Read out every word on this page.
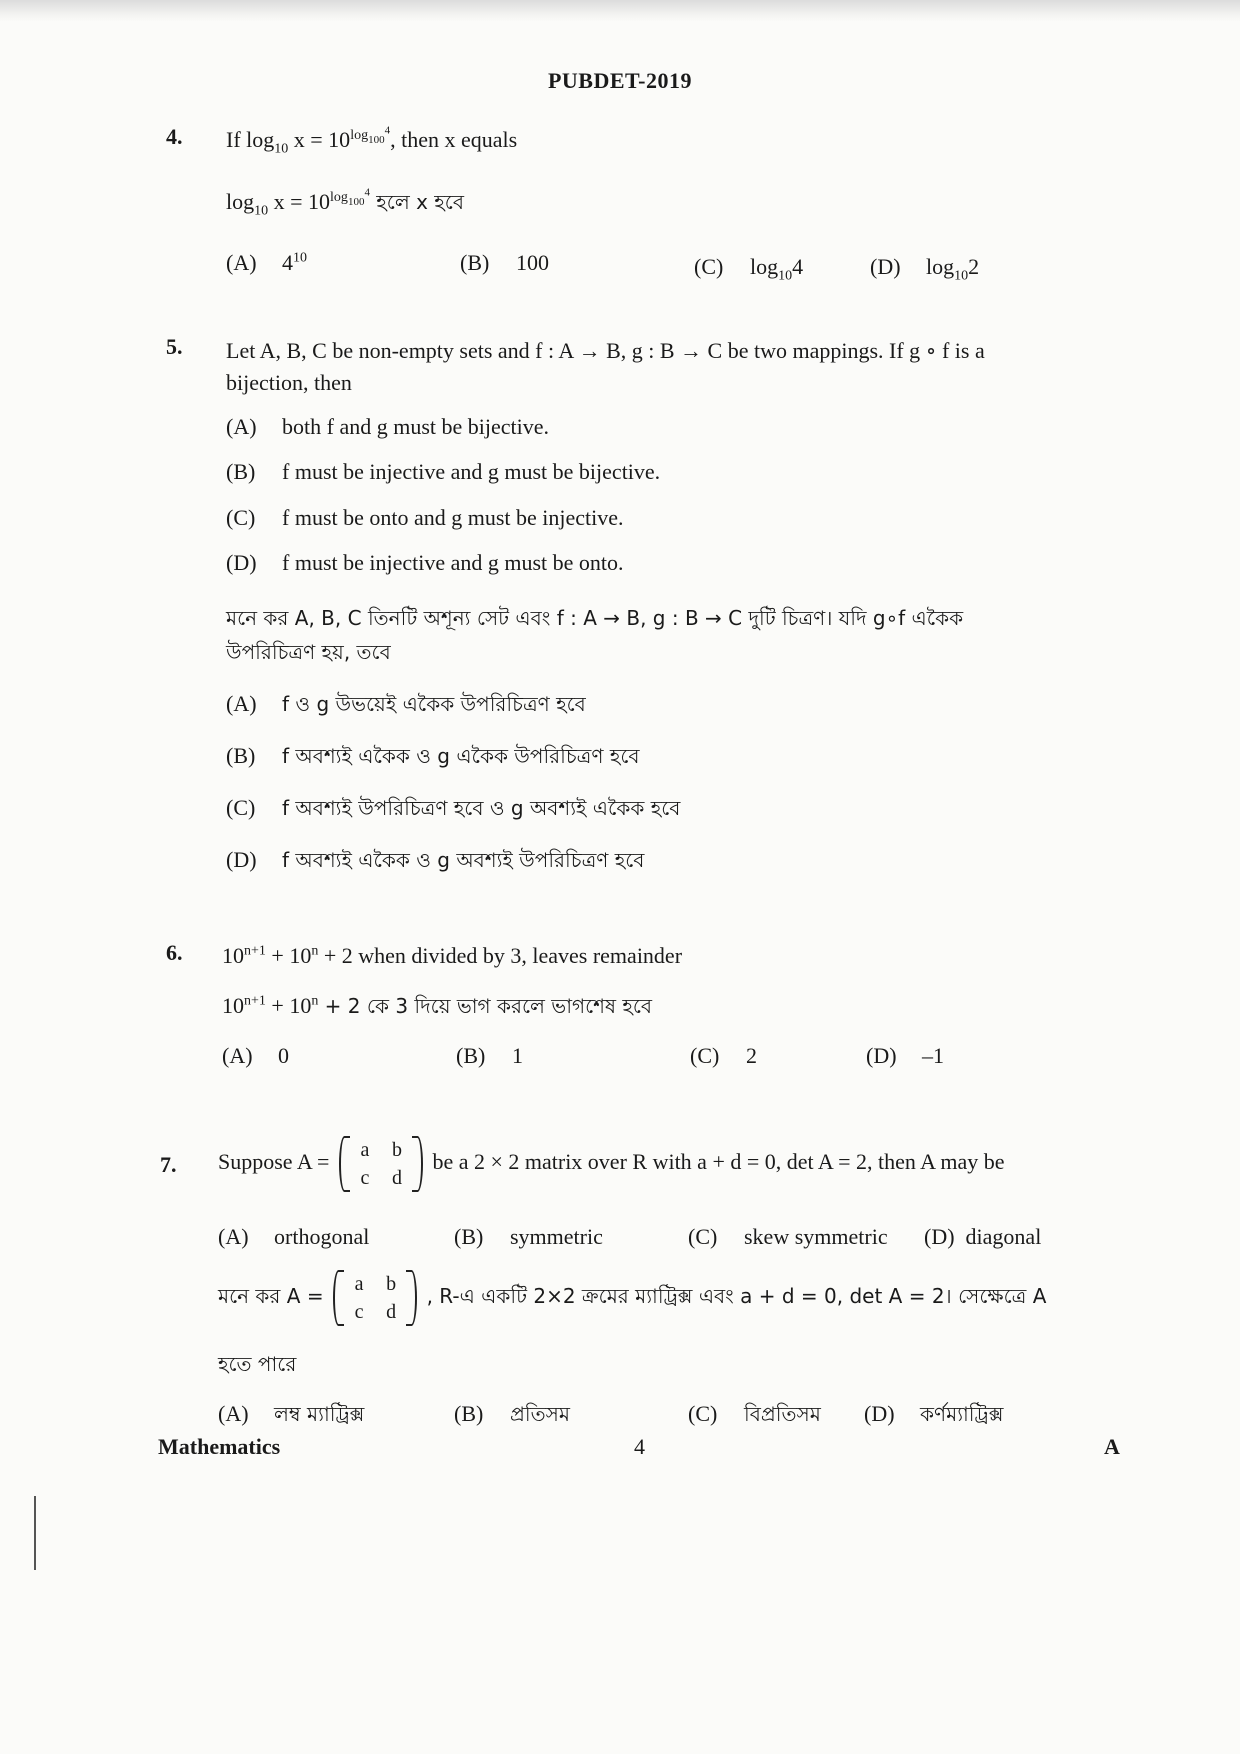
PUBDET-2019
4. If $\log_{10} x = 10^{log_{100}^4}$, then x equals
$\log_{10} x = 10^{log_{100}^4}$ হলে x হবে
(A) $4^{10}$	(B) 100	(C) $\log_{10}4$	(D) $\log_{10}2$
5. Let A, B, C be non-empty sets and f : A → B, g : B → C be two mappings. If g ∘ f is a
bijection, then
(A) both f and g must be bijective.
(B) f must be injective and g must be bijective.
(C) f must be onto and g must be injective.
(D) f must be injective and g must be onto.
মনে কর A, B, C তিনটি অশূন্য সেট এবং f : A → B, g : B → C দুটি চিত্রণ। যদি g∘f একৈক
উপরিচিত্রণ হয়, তবে
(A) f ও g উভয়েই একৈক উপরিচিত্রণ হবে
(B) f অবশ্যই একৈক ও g একৈক উপরিচিত্রণ হবে
(C) f অবশ্যই উপরিচিত্রণ হবে ও g অবশ্যই একৈক হবে
(D) f অবশ্যই একৈক ও g অবশ্যই উপরিচিত্রণ হবে
6. $10^{n+1} + 10^n + 2$ when divided by 3, leaves remainder
$10^{n+1} + 10^n + 2$ কে 3 দিয়ে ভাগ করলে ভাগশেষ হবে
(A) 0	(B) 1	(C) 2	(D) –1
7. Suppose A =	a b
c d
be a 2 × 2 matrix over R with a + d = 0, det A = 2, then A may be
(A) orthogonal	(B) symmetric	(C) skew symmetric (D) diagonal
মনে কর A =
a b
c d
, R-এ একটি 2×2 ক্রমের ম্যাট্রিক্স এবং a + d = 0, det A = 2। সেক্ষেত্রে A
হতে পারে
(A) লম্ব ম্যাট্রিক্স	(B) প্রতিসম	(C) বিপ্রতিসম (D) কর্ণম্যাট্রিক্স
Mathematics	4	A
